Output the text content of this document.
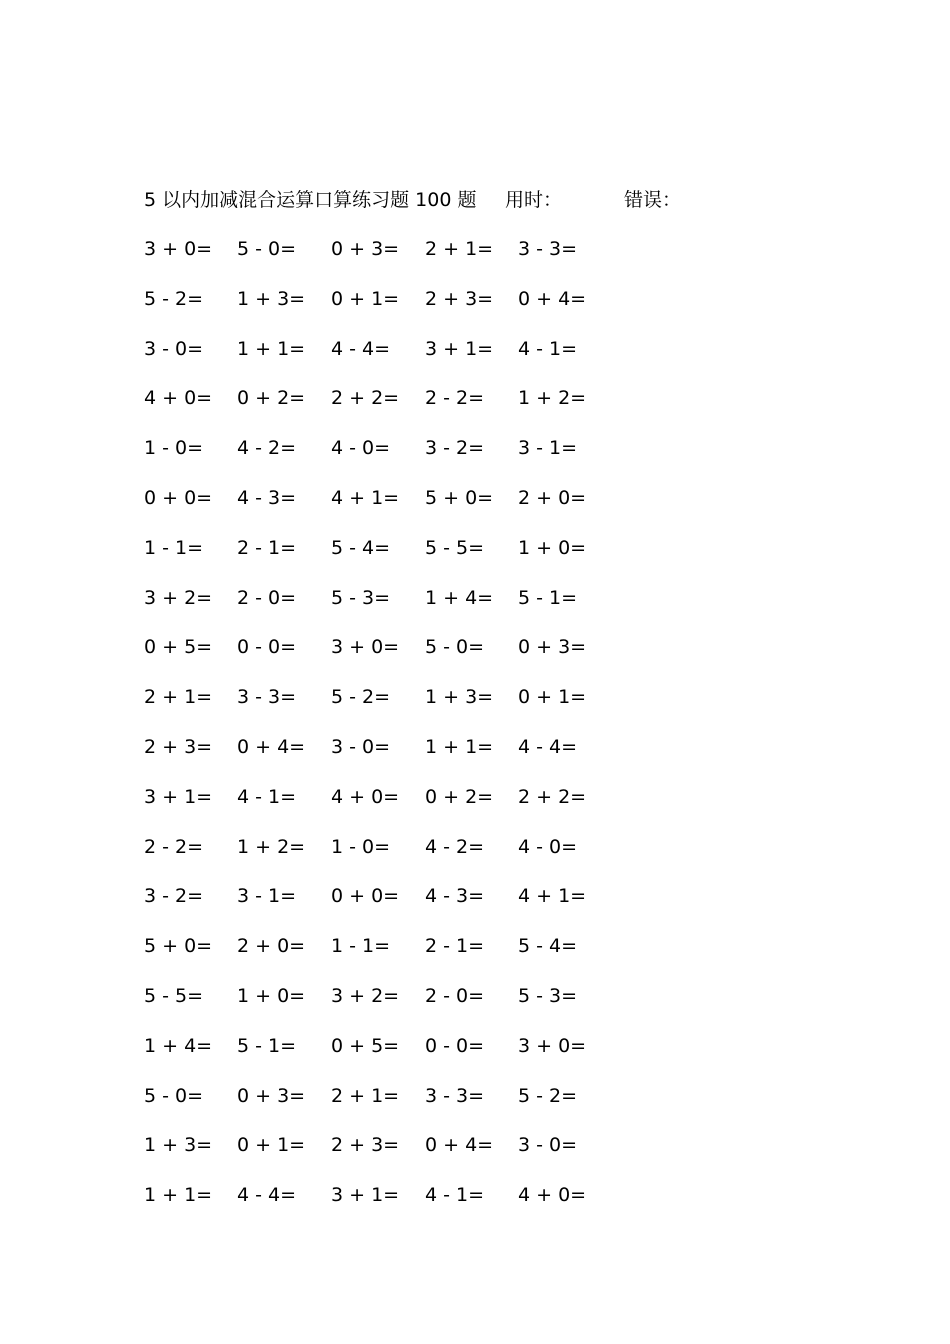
5 以内加减混合运算口算练习题 100 题 用时：	错误：
3 + 0=	5 - 0=	0 + 3=	2 + 1=	3 - 3=
5 - 2=	1 + 3=	0 + 1=	2 + 3=	0 + 4=
3 - 0=	1 + 1=	4 - 4=	3 + 1=	4 - 1=
4 + 0=	0 + 2=	2 + 2=	2 - 2=	1 + 2=
1 - 0=	4 - 2=	4 - 0=	3 - 2=	3 - 1=
0 + 0=	4 - 3=	4 + 1=	5 + 0=	2 + 0=
1 - 1=	2 - 1=	5 - 4=	5 - 5=	1 + 0=
3 + 2=	2 - 0=	5 - 3=	1 + 4=	5 - 1=
0 + 5=	0 - 0=	3 + 0=	5 - 0=	0 + 3=
2 + 1=	3 - 3=	5 - 2=	1 + 3=	0 + 1=
2 + 3=	0 + 4=	3 - 0=	1 + 1=	4 - 4=
3 + 1=	4 - 1=	4 + 0=	0 + 2=	2 + 2=
2 - 2=	1 + 2=	1 - 0=	4 - 2=	4 - 0=
3 - 2=	3 - 1=	0 + 0=	4 - 3=	4 + 1=
5 + 0=	2 + 0=	1 - 1=	2 - 1=	5 - 4=
5 - 5=	1 + 0=	3 + 2=	2 - 0=	5 - 3=
1 + 4=	5 - 1=	0 + 5=	0 - 0=	3 + 0=
5 - 0=	0 + 3=	2 + 1=	3 - 3=	5 - 2=
1 + 3=	0 + 1=	2 + 3=	0 + 4=	3 - 0=
1 + 1=	4 - 4=	3 + 1=	4 - 1=	4 + 0=
